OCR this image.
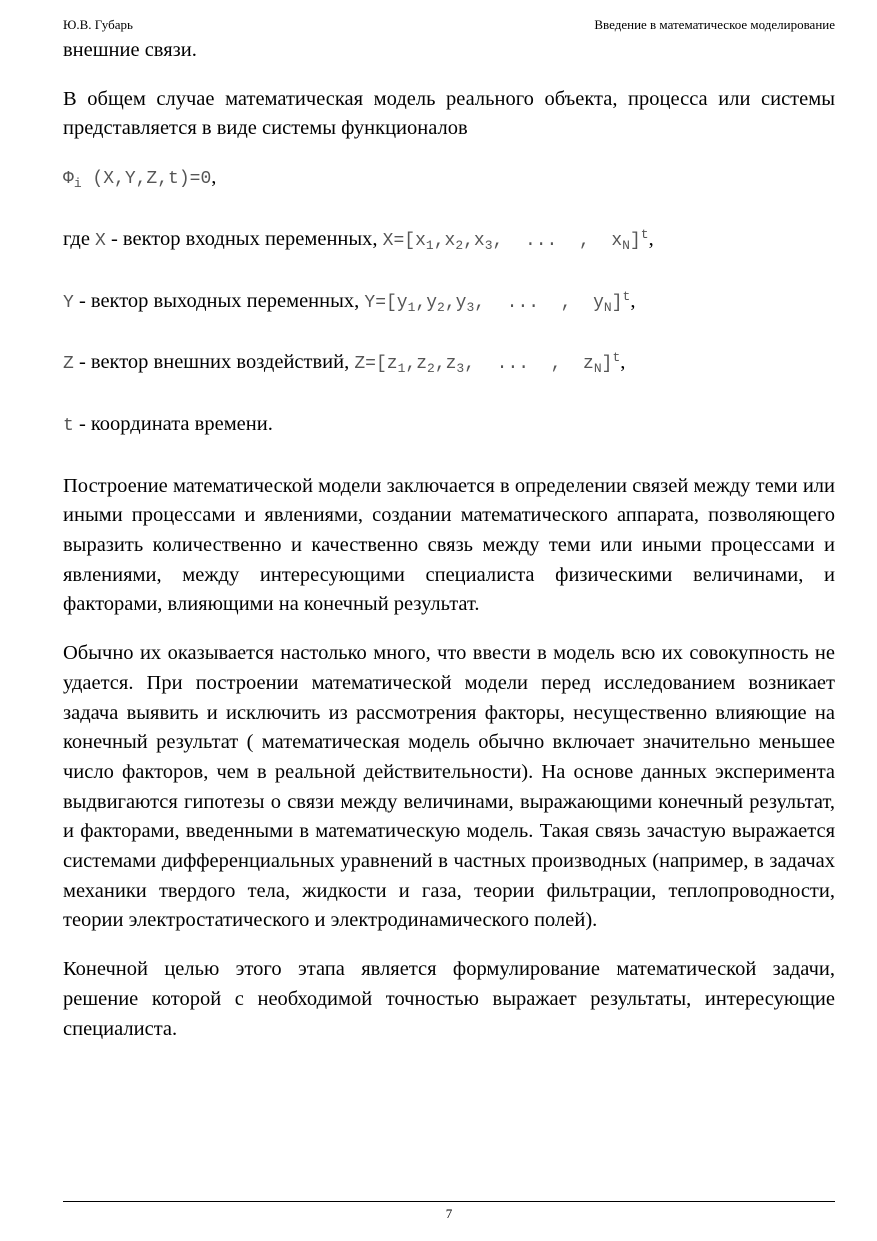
Ю.В. Губарь	Введение в математическое моделирование

внешние связи.

В общем случае математическая модель реального объекта, процесса или системы представляется в виде системы функционалов

$\Phi_i$ (X,Y,Z,t)=0,

где X - вектор входных переменных, $X=[x_1,x_2,x_3$,  ...  ,  $x_N]^t$,

Y - вектор выходных переменных, $Y=[y_1,y_2,y_3$,  ...  ,  $y_N]^t$,

Z - вектор внешних воздействий, $Z=[z_1,z_2,z_3$,  ...  ,  $z_N]^t$,

t - координата времени.

Построение математической модели заключается в определении связей между теми или иными процессами и явлениями, создании математического аппарата, позволяющего выразить количественно и качественно связь между теми или иными процессами и явлениями, между интересующими специалиста физическими величинами, и факторами, влияющими на конечный результат.

Обычно их оказывается настолько много, что ввести в модель всю их совокупность не удается. При построении математической модели перед исследованием возникает задача выявить и исключить из рассмотрения факторы, несущественно влияющие на конечный результат ( математическая модель обычно включает значительно меньшее число факторов, чем в реальной действительности). На основе данных эксперимента выдвигаются гипотезы о связи между величинами, выражающими конечный результат, и факторами, введенными в математическую модель. Такая связь зачастую выражается системами дифференциальных уравнений в частных производных (например, в задачах механики твердого тела, жидкости и газа, теории фильтрации, теплопроводности, теории электростатического и электродинамического полей).

Конечной целью этого этапа является формулирование математической задачи, решение которой с необходимой точностью выражает результаты, интересующие специалиста.

7
